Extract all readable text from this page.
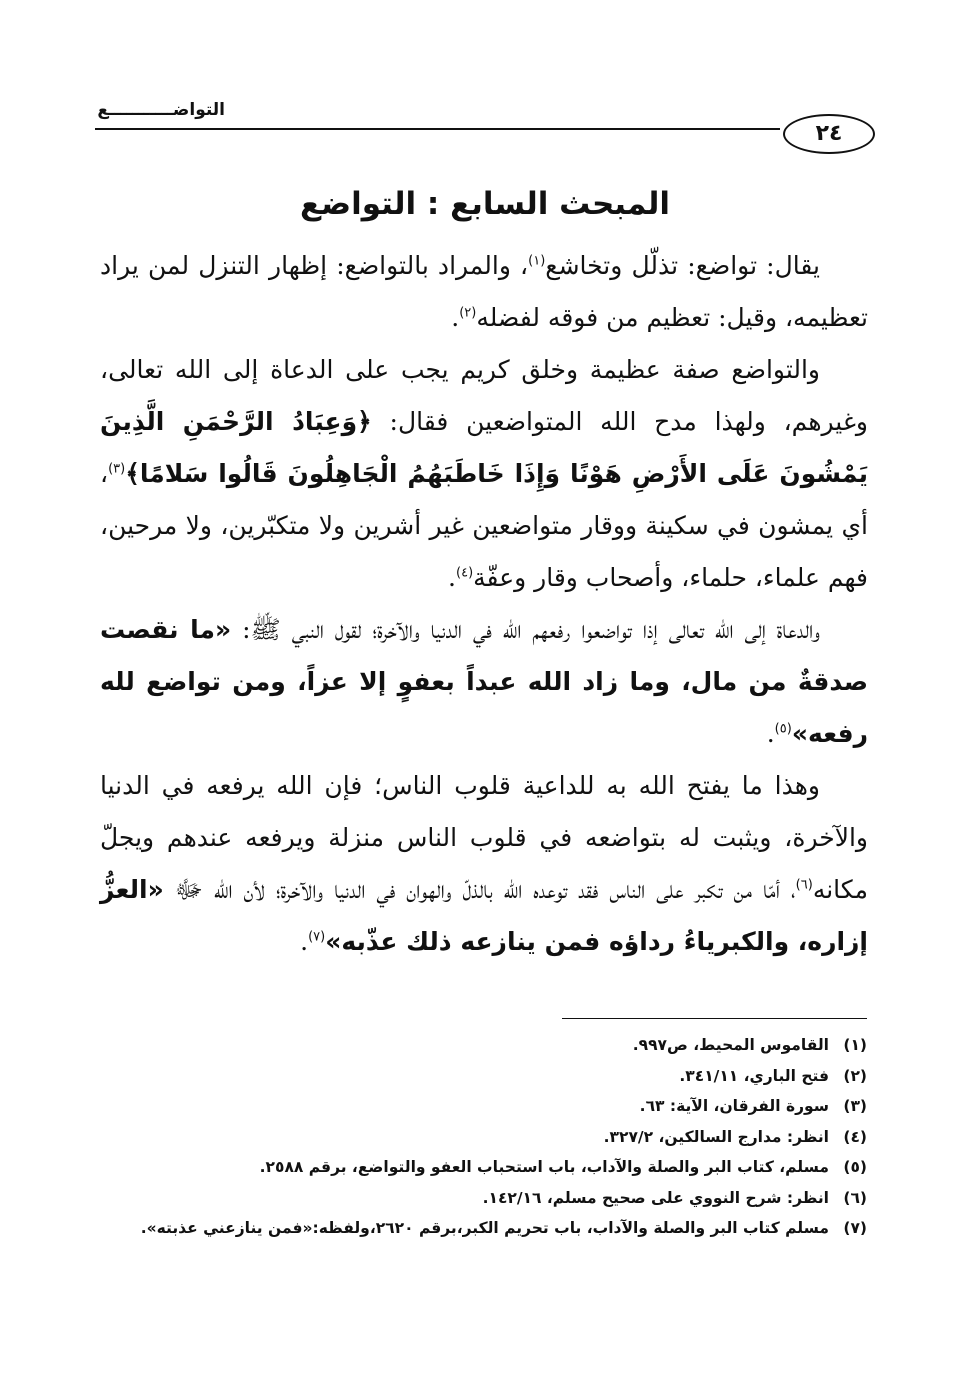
٢٤
التواضـــــــــــع
المبحث السابع : التواضع

يقال: تواضع: تذلّل وتخاشع$^{(١)}$، والمراد بالتواضع: إظهار التنزل لمن يراد تعظيمه، وقيل: تعظيم من فوقه لفضله$^{(٢)}$.

والتواضع صفة عظيمة وخلق كريم يجب على الدعاة إلى الله تعالى، وغيرهم، ولهذا مدح الله المتواضعين فقال: ﴿وَعِبَادُ الرَّحْمَنِ الَّذِينَ يَمْشُونَ عَلَى الأَرْضِ هَوْنًا وَإِذَا خَاطَبَهُمُ الْجَاهِلُونَ قَالُوا سَلامًا﴾$^{(٣)}$، أي يمشون في سكينة ووقار متواضعين غير أشرين ولا متكبّرين، ولا مرحين، فهم علماء، حلماء، وأصحاب وقار وعفّة$^{(٤)}$.

والدعاة إلى الله تعالى إذا تواضعوا رفعهم الله في الدنيا والآخرة؛ لقول النبي ﷺ: «ما نقصت صدقةٌ من مال، وما زاد الله عبداً بعفوٍ إلا عزاً، ومن تواضع لله رفعه»$^{(٥)}$.

وهذا ما يفتح الله به للداعية قلوب الناس؛ فإن الله يرفعه في الدنيا والآخرة، ويثبت له بتواضعه في قلوب الناس منزلة ويرفعه عندهم ويجلّ مكانه$^{(٦)}$، أمّا من تكبر على الناس فقد توعده الله بالذلّ والهوان في الدنيا والآخرة؛ لأن الله ﷻ «العزُّ إزاره، والكبرياءُ رداؤه فمن ينازعه ذلك عذّبه»$^{(٧)}$.

(١)القاموس المحيط، ص٩٩٧.
(٢)فتح الباري، ٣٤١/١١.
(٣)سورة الفرقان، الآية: ٦٣.
(٤)انظر: مدارج السالكين، ٣٢٧/٢.
(٥)مسلم، كتاب البر والصلة والآداب، باب استحباب العفو والتواضع، برقم ٢٥٨٨.
(٦)انظر: شرح النووي على صحيح مسلم، ١٤٢/١٦.
(٧)مسلم كتاب البر والصلة والآداب، باب تحريم الكبر،برقم ٢٦٢٠،ولفظه:«فمن ينازعني عذبته».
